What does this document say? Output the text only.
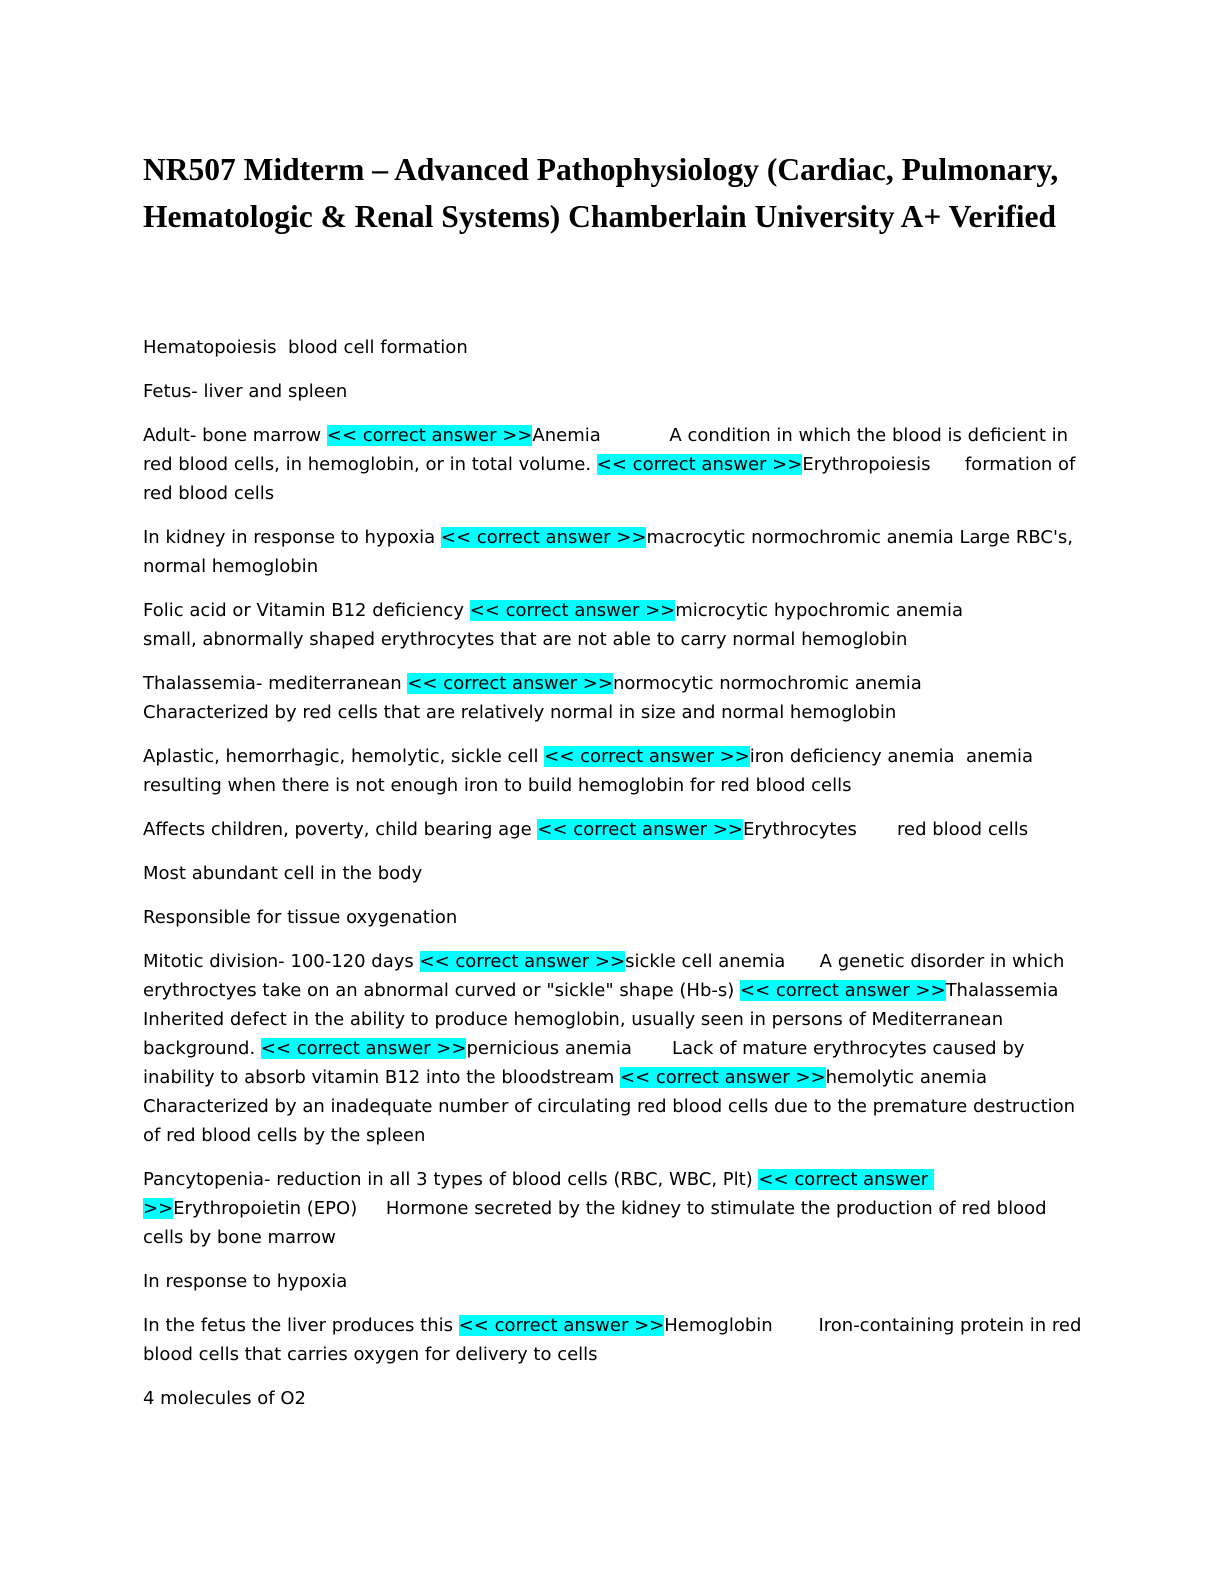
NR507 Midterm – Advanced Pathophysiology (Cardiac, Pulmonary, Hematologic & Renal Systems) Chamberlain University A+ Verified

Hematopoiesis  blood cell formation

Fetus- liver and spleen

Adult- bone marrow << correct answer >>Anemia            A condition in which the blood is deficient in red blood cells, in hemoglobin, or in total volume. << correct answer >>Erythropoiesis      formation of red blood cells

In kidney in response to hypoxia << correct answer >>macrocytic normochromic anemia Large RBC's, normal hemoglobin

Folic acid or Vitamin B12 deficiency << correct answer >>microcytic hypochromic anemia             small, abnormally shaped erythrocytes that are not able to carry normal hemoglobin

Thalassemia- mediterranean << correct answer >>normocytic normochromic anemia       Characterized by red cells that are relatively normal in size and normal hemoglobin

Aplastic, hemorrhagic, hemolytic, sickle cell << correct answer >>iron deficiency anemia  anemia resulting when there is not enough iron to build hemoglobin for red blood cells

Affects children, poverty, child bearing age << correct answer >>Erythrocytes       red blood cells

Most abundant cell in the body

Responsible for tissue oxygenation

Mitotic division- 100-120 days << correct answer >>sickle cell anemia      A genetic disorder in which erythroctyes take on an abnormal curved or "sickle" shape (Hb-s) << correct answer >>Thalassemia            Inherited defect in the ability to produce hemoglobin, usually seen in persons of Mediterranean background. << correct answer >>pernicious anemia       Lack of mature erythrocytes caused by inability to absorb vitamin B12 into the bloodstream << correct answer >>hemolytic anemia        Characterized by an inadequate number of circulating red blood cells due to the premature destruction of red blood cells by the spleen

Pancytopenia- reduction in all 3 types of blood cells (RBC, WBC, Plt) << correct answer >>Erythropoietin (EPO)     Hormone secreted by the kidney to stimulate the production of red blood cells by bone marrow

In response to hypoxia

In the fetus the liver produces this << correct answer >>Hemoglobin        Iron-containing protein in red blood cells that carries oxygen for delivery to cells

4 molecules of O2
